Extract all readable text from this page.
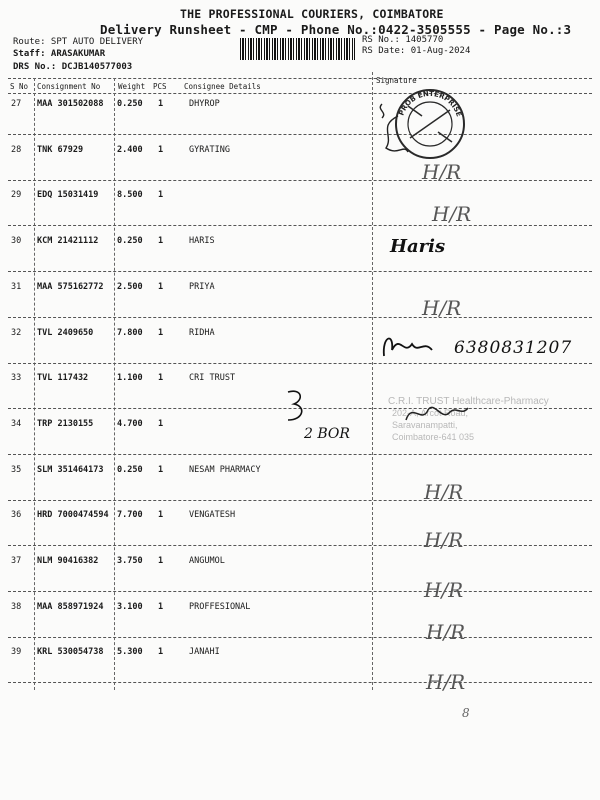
THE PROFESSIONAL COURIERS, COIMBATORE
Delivery Runsheet - CMP - Phone No.:0422-3505555 - Page No.:3
Route: SPT AUTO DELIVERY
Staff: ARASAKUMAR
DRS No.: DCJB140577003
RS No.: 1405770
RS Date: 01-Aug-2024
S No Consignment No Weight PCS Consignee Details
Signature
27 MAA 301502088 0.250 1	DHYROP
28 TNK 67929	2.400 1	GYRATING
29 EDQ 15031419 8.500 1
30 KCM 21421112 0.250 1	HARIS
31 MAA 575162772 2.500 1	PRIYA
32 TVL 2409650	7.800 1	RIDHA
33 TVL 117432	1.100 1	CRI TRUST
34 TRP 2130155	4.700 1
35 SLM 351464173 0.250 1	NESAM PHARMACY
36 HRD 7000474594 7.700 1	VENGATESH
37 NLM 90416382 3.750 1	ANGUMOL
38 MAA 858971924 3.100 1	PROFFESIONAL
39 KRL 530054738 5.300 1	JANAHI
PROB ENTERPRISE
H/R
H/R
Haris
H/R
6380831207
C.R.I. TRUST Healthcare-Pharmacy
202-A, Arcot Road,
Saravanampatti,
Coimbatore-641 035
2 BOR
H/R
H/R
H/R
H/R
H/R
8
